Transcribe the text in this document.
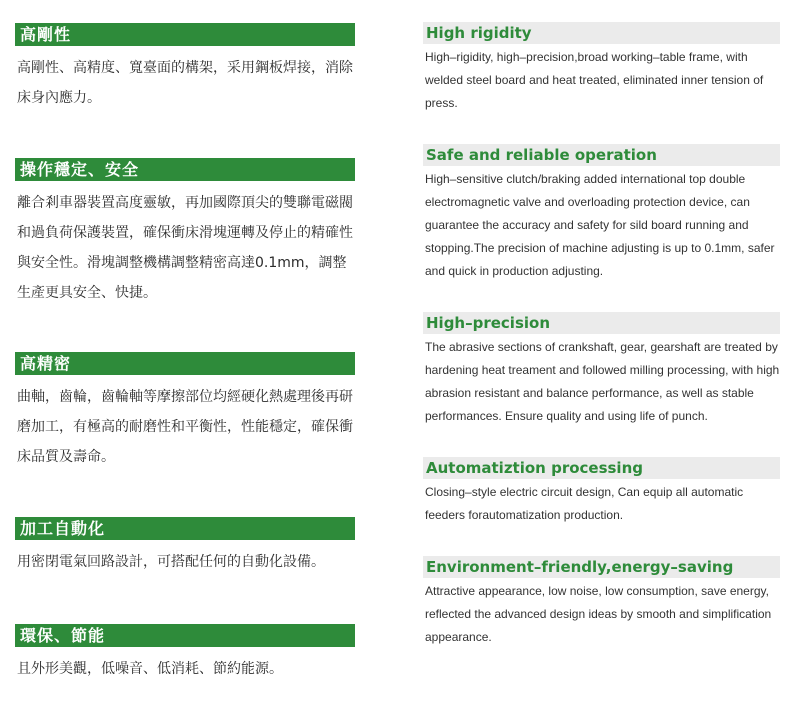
高剛性
高剛性、高精度、寬臺面的構架，采用鋼板焊接，消除床身內應力。
操作穩定、安全
離合剎車器裝置高度靈敏，再加國際頂尖的雙聯電磁閥和過負荷保護裝置，確保衝床滑塊運轉及停止的精確性與安全性。滑塊調整機構調整精密高達0.1mm，調整生產更具安全、快捷。
高精密
曲軸，齒輪，齒輪軸等摩擦部位均經硬化熱處理後再研磨加工，有極高的耐磨性和平衡性，性能穩定，確保衝床品質及壽命。
加工自動化
用密閉電氣回路設計，可搭配任何的自動化設備。
環保、節能
且外形美觀，低噪音、低消耗、節約能源。
High rigidity
High–rigidity, high–precision,broad working–table frame, with welded steel board and heat treated, eliminated inner tension of press.
Safe and reliable operation
High–sensitive clutch/braking added international top double electromagnetic valve and overloading protection device, can guarantee the accuracy and safety for sild board running and stopping.The precision of machine adjusting is up to 0.1mm, safer and quick in production adjusting.
High–precision
The abrasive sections of crankshaft, gear, gearshaft are treated by hardening heat treament and followed milling processing, with high abrasion resistant and balance performance, as well as stable performances. Ensure quality and using life of punch.
Automatiztion processing
Closing–style electric circuit design, Can equip all automatic feeders forautomatization production.
Environment–friendly,energy–saving
Attractive appearance, low noise, low consumption, save energy, reflected the advanced design ideas by smooth and simplification appearance.
